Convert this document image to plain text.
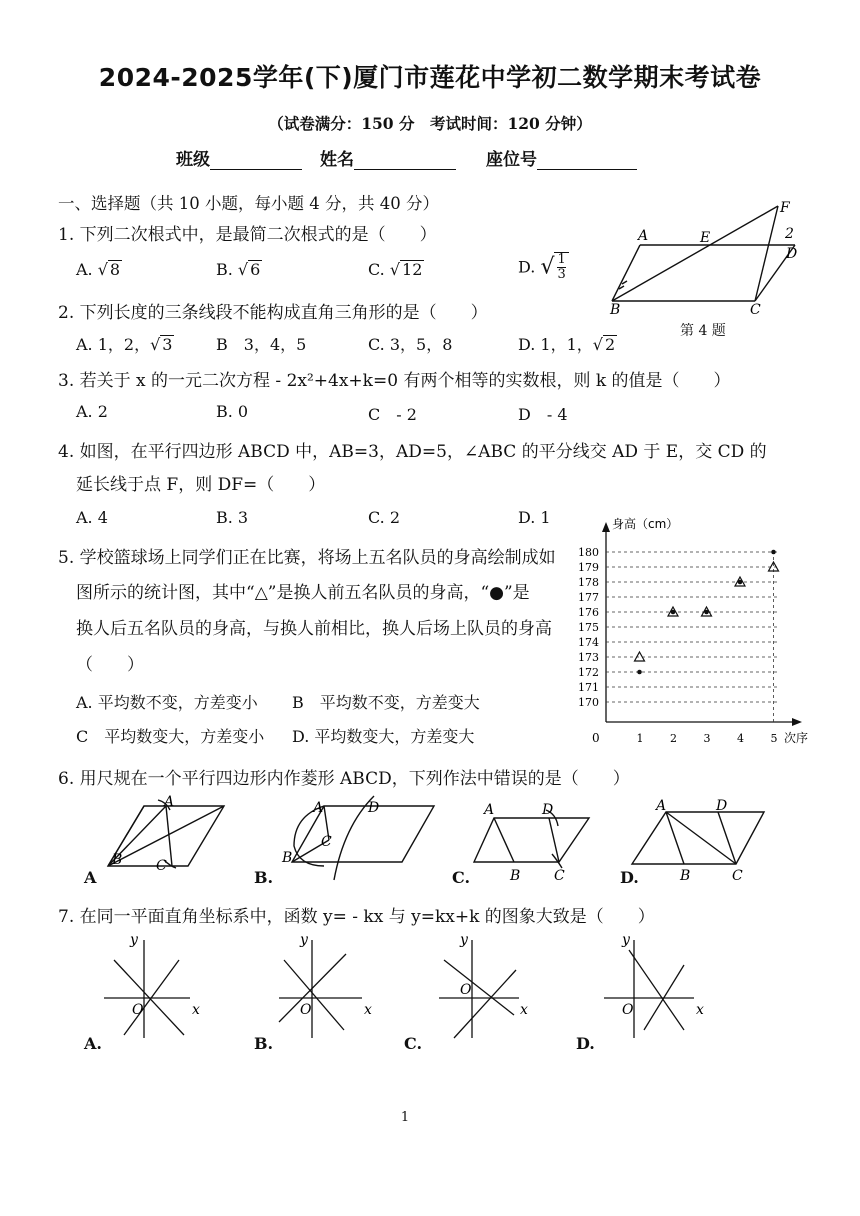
2024-2025学年(下)厦门市莲花中学初二数学期末考试卷
（试卷满分：150 分　考试时间：120 分钟）
班级	姓名	座位号
一、选择题（共 10 小题，每小题 4 分，共 40 分）
1. 下列二次根式中，是最简二次根式的是（　　）
A. √ 8	B. √ 6	C. √ 12	D. √ $\frac{1}{3}$
A	E
D
2
F
B	C
第 4 题
2. 下列长度的三条线段不能构成直角三角形的是（　　）
A. 1，2，√ 3	B　3，4，5	C. 3，5，8	D. 1，1，√ 2
3. 若关于 x 的一元二次方程 - 2x²+4x+k=0 有两个相等的实数根，则 k 的值是（　　）
A. 2	B. 0	C　- 2	D　- 4
4. 如图，在平行四边形 ABCD 中，AB=3，AD=5，∠ABC 的平分线交 AD 于 E，交 CD 的
延长线于点 F，则 DF=（　　）
A. 4	B. 3	C. 2	D. 1
5. 学校篮球场上同学们正在比赛，将场上五名队员的身高绘制成如
图所示的统计图，其中“△”是换人前五名队员的身高，“●”是
换人后五名队员的身高，与换人前相比，换人后场上队员的身高
（　　）
A. 平均数不变，方差变小 B　平均数不变，方差变大
C　平均数变大，方差变小 D. 平均数变大，方差变大
身高（cm）
次序
0
170
171
172
173
174
175
176
177
178
179
180
1 2 3 4 5
6. 用尺规在一个平行四边形内作菱形 ABCD，下列作法中错误的是（　　）
A
B C
A	D
B
C
A	D
B C
A	D
B	C
A	B.	C.	D.
7. 在同一平面直角坐标系中，函数 y= - kx 与 y=kx+k 的图象大致是（　　）
y
x
O
y
x
O
y
x
O
y
x
O
A.	B.	C.	D.
1
